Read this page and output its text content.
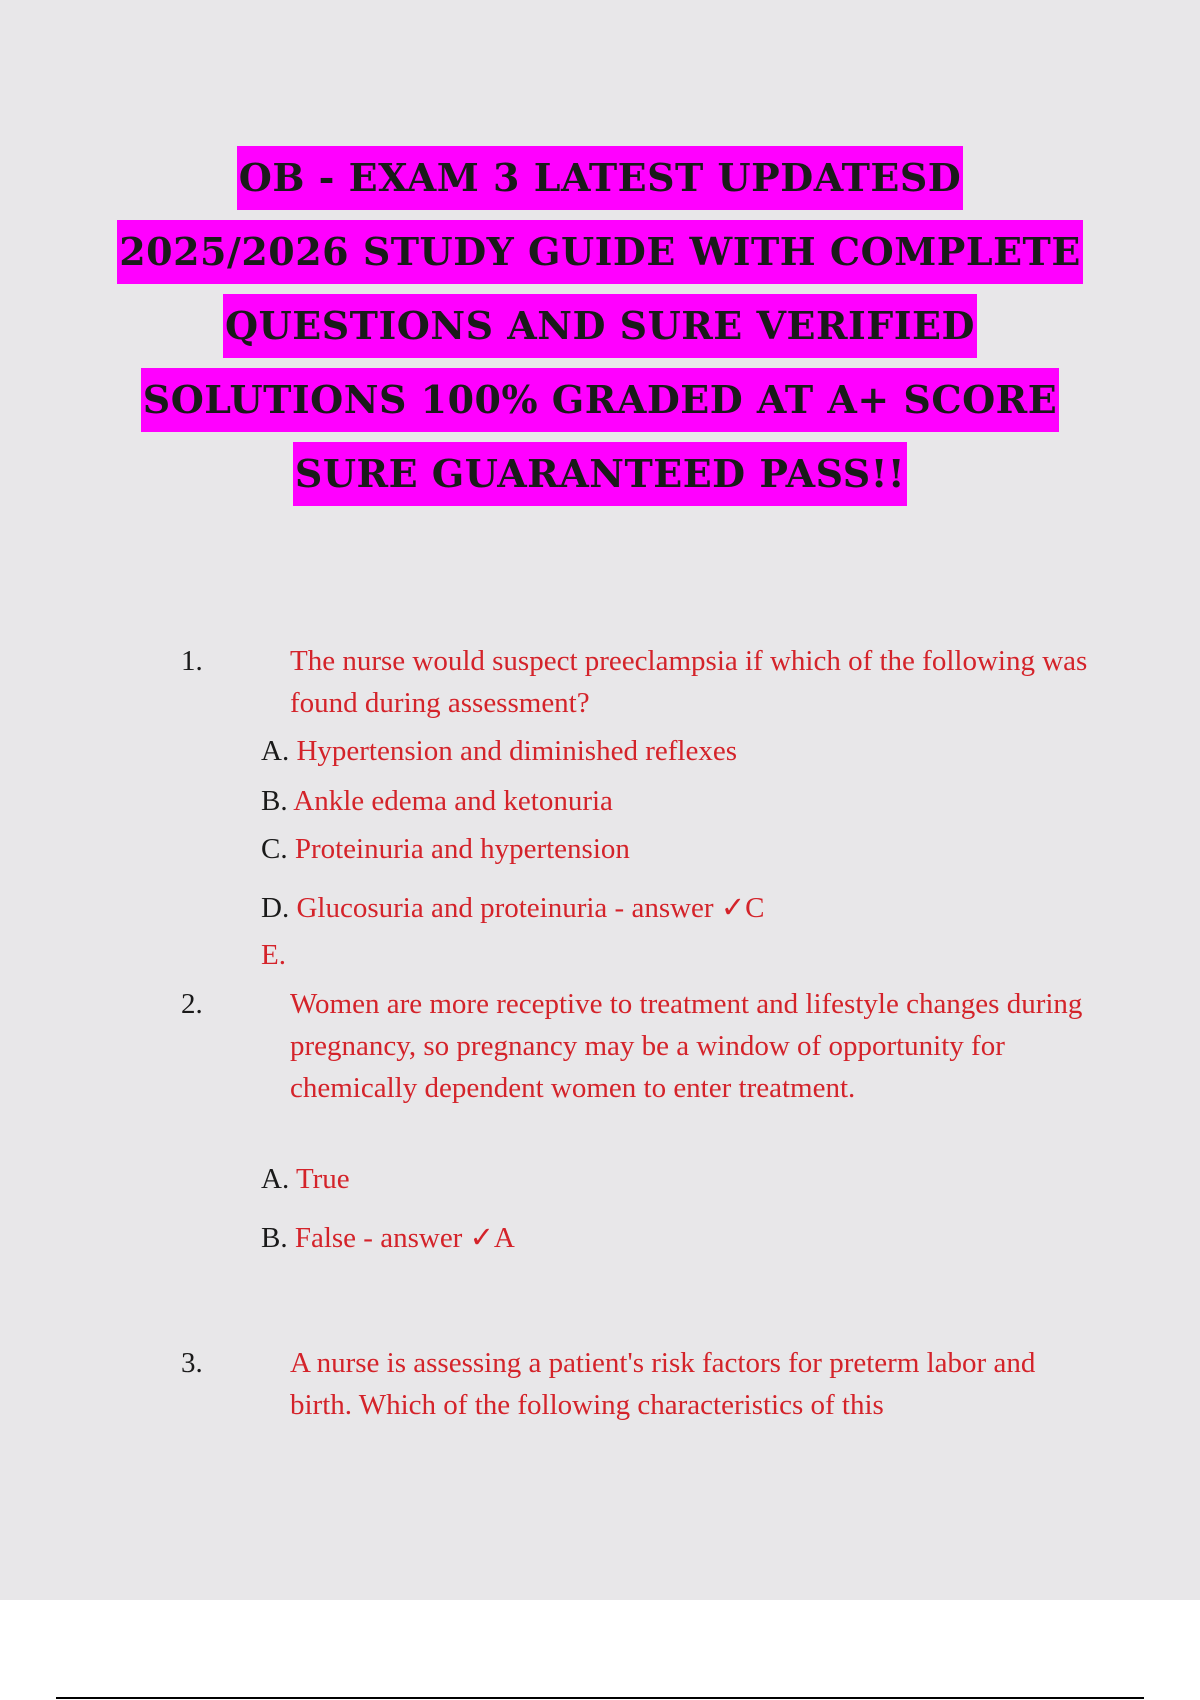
OB - EXAM 3 LATEST UPDATESD
2025/2026 STUDY GUIDE WITH COMPLETE
QUESTIONS AND SURE VERIFIED
SOLUTIONS 100% GRADED AT A+ SCORE
SURE GUARANTEED PASS!!
1.	The nurse would suspect preeclampsia if which of the following was found during assessment?
A. Hypertension and diminished reflexes
B. Ankle edema and ketonuria
C. Proteinuria and hypertension
D. Glucosuria and proteinuria - answer ✓C
E.
2.	Women are more receptive to treatment and lifestyle changes during pregnancy, so pregnancy may be a window of opportunity for chemically dependent women to enter treatment.
A. True
B. False - answer ✓A
3.	A nurse is assessing a patient's risk factors for preterm labor and birth. Which of the following characteristics of this
